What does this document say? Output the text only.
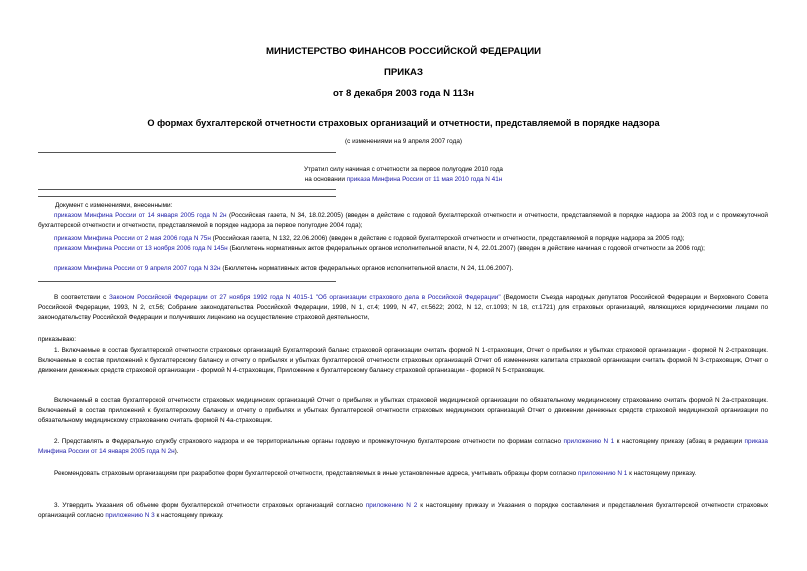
МИНИСТЕРСТВО ФИНАНСОВ РОССИЙСКОЙ ФЕДЕРАЦИИ
ПРИКАЗ
от 8 декабря 2003 года N 113н
О формах бухгалтерской отчетности страховых организаций и отчетности, представляемой в порядке надзора
(с изменениями на 9 апреля 2007 года)
Утратил силу начиная с отчетности за первое полугодие 2010 года
на основании приказа Минфина России от 11 мая 2010 года N 41н
Документ с изменениями, внесенными:
приказом Минфина России от 14 января 2005 года N 2н (Российская газета, N 34, 18.02.2005) (введен в действие с годовой бухгалтерской отчетности и отчетности, представляемой в порядке надзора за 2003 год и с промежуточной бухгалтерской отчетности и отчетности, представляемой в порядке надзора за первое полугодие 2004 года);
приказом Минфина России от 2 мая 2006 года N 75н (Российская газета, N 132, 22.06.2006) (введен в действие с годовой бухгалтерской отчетности и отчетности, представляемой в порядке надзора за 2005 год);
приказом Минфина России от 13 ноября 2006 года N 145н (Бюллетень нормативных актов федеральных органов исполнительной власти, N 4, 22.01.2007) (введен в действие начиная с годовой отчетности за 2006 год);
приказом Минфина России от 9 апреля 2007 года N 32н (Бюллетень нормативных актов федеральных органов исполнительной власти, N 24, 11.06.2007).
В соответствии с Законом Российской Федерации от 27 ноября 1992 года N 4015-1 "Об организации страхового дела в Российской Федерации" (Ведомости Съезда народных депутатов Российской Федерации и Верховного Совета Российской Федерации, 1993, N 2, ст.56; Собрание законодательства Российской Федерации, 1998, N 1, ст.4; 1999, N 47, ст.5622; 2002, N 12, ст.1093; N 18, ст.1721) для страховых организаций, являющихся юридическими лицами по законодательству Российской Федерации и получивших лицензию на осуществление страховой деятельности,
приказываю:
1. Включаемые в состав бухгалтерской отчетности страховых организаций Бухгалтерский баланс страховой организации считать формой N 1-страховщик, Отчет о прибылях и убытках страховой организации - формой N 2-страховщик. Включаемые в состав приложений к бухгалтерскому балансу и отчету о прибылях и убытках бухгалтерской отчетности страховых организаций Отчет об изменениях капитала страховой организации считать формой N 3-страховщик, Отчет о движении денежных средств страховой организации - формой N 4-страховщик, Приложение к бухгалтерскому балансу страховой организации - формой N 5-страховщик.
Включаемый в состав бухгалтерской отчетности страховых медицинских организаций Отчет о прибылях и убытках страховой медицинской организации по обязательному медицинскому страхованию считать формой N 2а-страховщик. Включаемый в состав приложений к бухгалтерскому балансу и отчету о прибылях и убытках бухгалтерской отчетности страховых медицинских организаций Отчет о движении денежных средств страховой медицинской организации по обязательному медицинскому страхованию считать формой N 4а-страховщик.
2. Представлять в Федеральную службу страхового надзора и ее территориальные органы годовую и промежуточную бухгалтерские отчетности по формам согласно приложению N 1 к настоящему приказу (абзац в редакции приказа Минфина России от 14 января 2005 года N 2н).
Рекомендовать страховым организациям при разработке форм бухгалтерской отчетности, представляемых в иные установленные адреса, учитывать образцы форм согласно приложению N 1 к настоящему приказу.
3. Утвердить Указания об объеме форм бухгалтерской отчетности страховых организаций согласно приложению N 2 к настоящему приказу и Указания о порядке составления и представления бухгалтерской отчетности страховых организаций согласно приложению N 3 к настоящему приказу.
